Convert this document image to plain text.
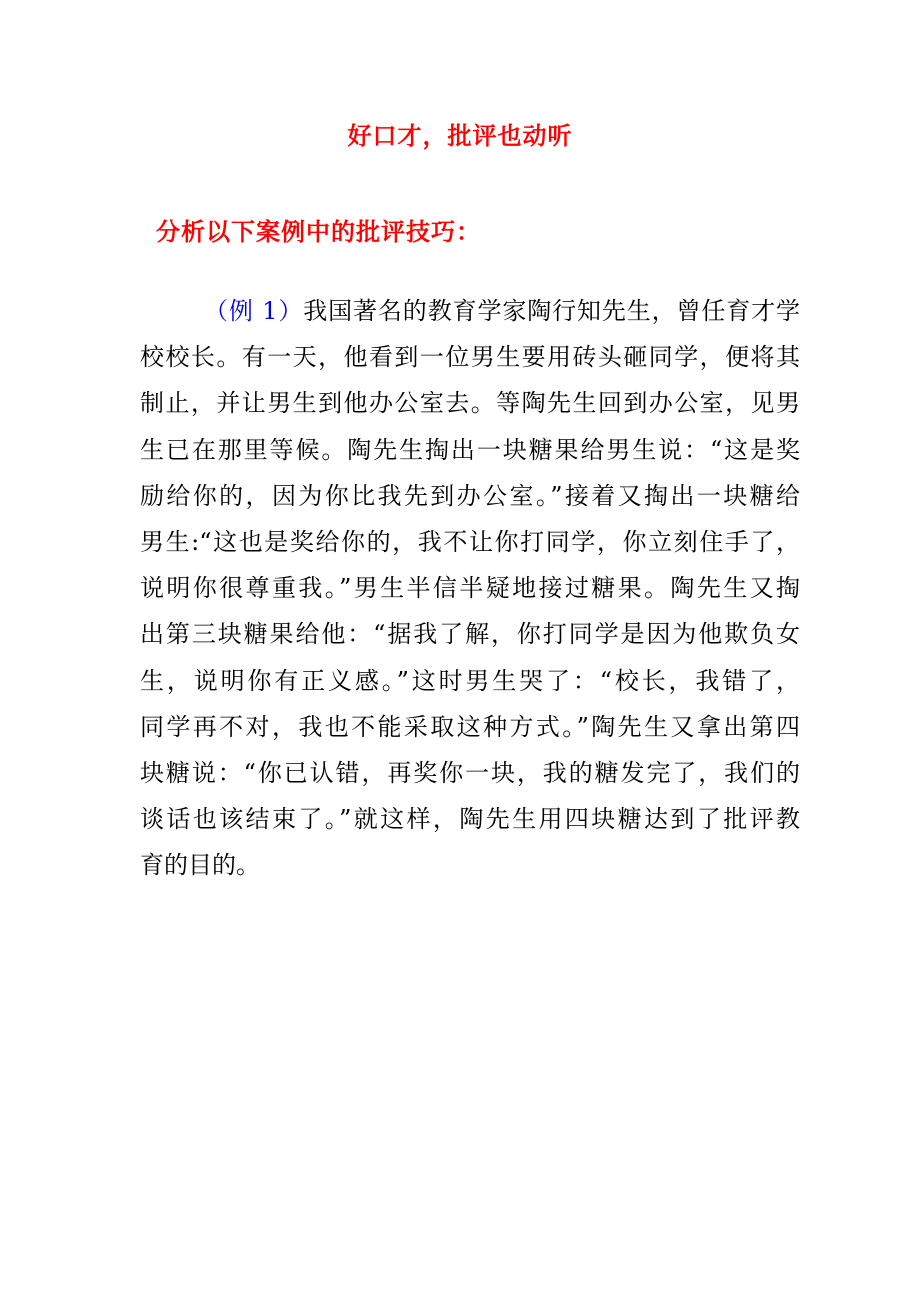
好口才，批评也动听
分析以下案例中的批评技巧：
（例 1）我国著名的教育学家陶行知先生，曾任育才学
校校长。有一天，他看到一位男生要用砖头砸同学，便将其
制止，并让男生到他办公室去。等陶先生回到办公室，见男
生已在那里等候。陶先生掏出一块糖果给男生说：“这是奖
励给你的，因为你比我先到办公室。”接着又掏出一块糖给
男生:“这也是奖给你的，我不让你打同学，你立刻住手了，
说明你很尊重我。”男生半信半疑地接过糖果。陶先生又掏
出第三块糖果给他：“据我了解，你打同学是因为他欺负女
生，说明你有正义感。”这时男生哭了：“校长，我错了，
同学再不对，我也不能采取这种方式。”陶先生又拿出第四
块糖说：“你已认错，再奖你一块，我的糖发完了，我们的
谈话也该结束了。”就这样，陶先生用四块糖达到了批评教
育的目的。
